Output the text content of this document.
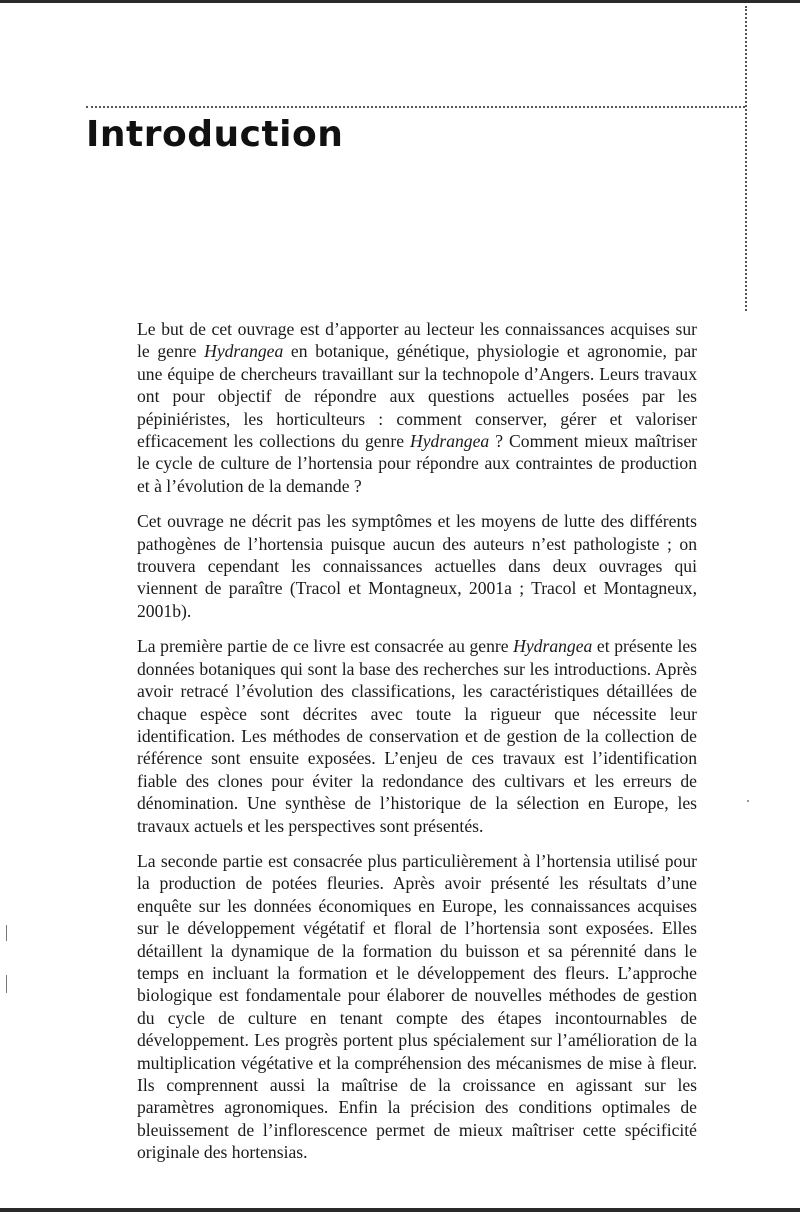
Introduction

Le but de cet ouvrage est d’apporter au lecteur les connaissances acquises sur le genre Hydrangea en botanique, génétique, physiologie et agronomie, par une équipe de chercheurs travaillant sur la technopole d’Angers. Leurs travaux ont pour objectif de répondre aux questions actuelles posées par les pépiniéristes, les horticulteurs : comment conserver, gérer et valoriser efficacement les collections du genre Hydrangea ? Comment mieux maîtriser le cycle de culture de l’hortensia pour répondre aux contraintes de production et à l’évolution de la demande ?

Cet ouvrage ne décrit pas les symptômes et les moyens de lutte des différents pathogènes de l’hortensia puisque aucun des auteurs n’est pathologiste ; on trouvera cependant les connaissances actuelles dans deux ouvrages qui viennent de paraître (Tracol et Montagneux, 2001a ; Tracol et Montagneux, 2001b).

La première partie de ce livre est consacrée au genre Hydrangea et présente les données botaniques qui sont la base des recherches sur les introductions. Après avoir retracé l’évolution des classifications, les caractéristiques détaillées de chaque espèce sont décrites avec toute la rigueur que nécessite leur identification. Les méthodes de conservation et de gestion de la collection de référence sont ensuite exposées. L’enjeu de ces travaux est l’identification fiable des clones pour éviter la redondance des cultivars et les erreurs de dénomination. Une synthèse de l’historique de la sélection en Europe, les travaux actuels et les perspectives sont présentés.

La seconde partie est consacrée plus particulièrement à l’hortensia utilisé pour la production de potées fleuries. Après avoir présenté les résultats d’une enquête sur les données économiques en Europe, les connaissances acquises sur le développement végétatif et floral de l’hortensia sont exposées. Elles détaillent la dynamique de la formation du buisson et sa pérennité dans le temps en incluant la formation et le développement des fleurs. L’approche biologique est fondamentale pour élaborer de nouvelles méthodes de gestion du cycle de culture en tenant compte des étapes incontournables de développement. Les progrès portent plus spécialement sur l’amélioration de la multiplication végétative et la compréhension des mécanismes de mise à fleur. Ils comprennent aussi la maîtrise de la croissance en agissant sur les paramètres agronomiques. Enfin la précision des conditions optimales de bleuissement de l’inflorescence permet de mieux maîtriser cette spécificité originale des hortensias.
